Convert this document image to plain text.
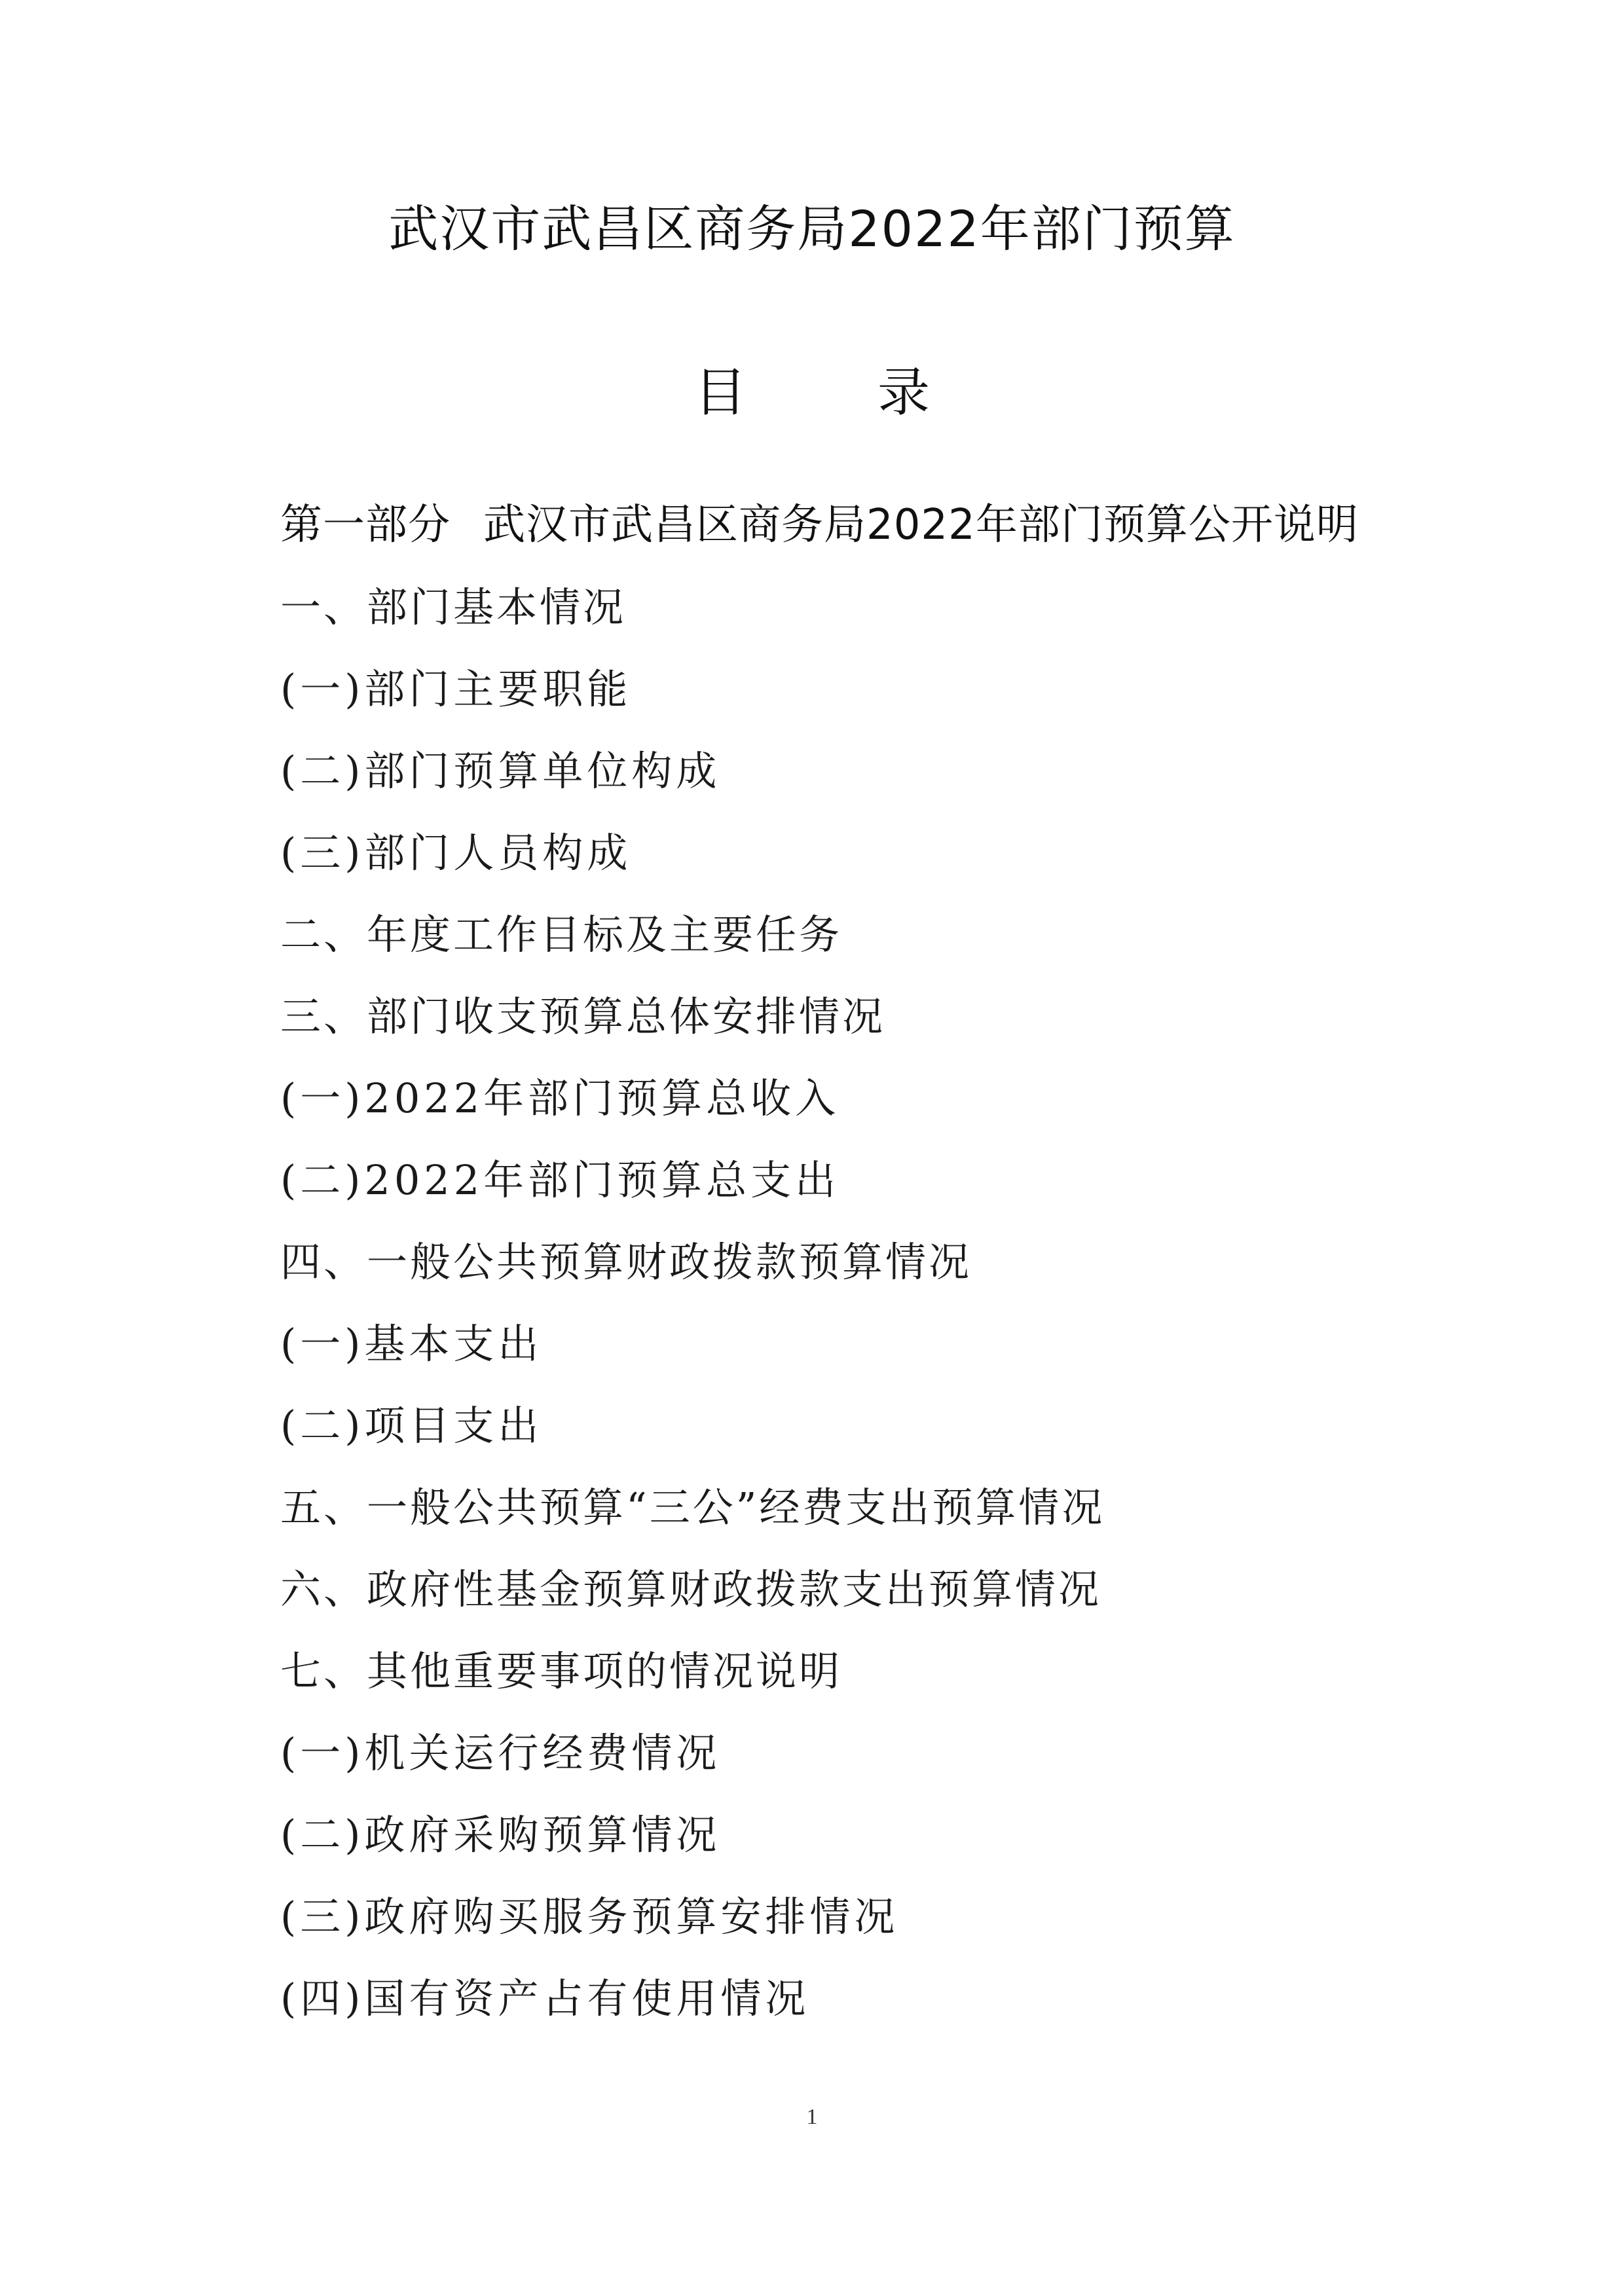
武汉市武昌区商务局2022年部门预算
目	录
第一部分 武汉市武昌区商务局2022年部门预算公开说明
一、部门基本情况
(一)部门主要职能
(二)部门预算单位构成
(三)部门人员构成
二、年度工作目标及主要任务
三、部门收支预算总体安排情况
(一)2022年部门预算总收入
(二)2022年部门预算总支出
四、一般公共预算财政拨款预算情况
(一)基本支出
(二)项目支出
五、一般公共预算“三公”经费支出预算情况
六、政府性基金预算财政拨款支出预算情况
七、其他重要事项的情况说明
(一)机关运行经费情况
(二)政府采购预算情况
(三)政府购买服务预算安排情况
(四)国有资产占有使用情况
1
